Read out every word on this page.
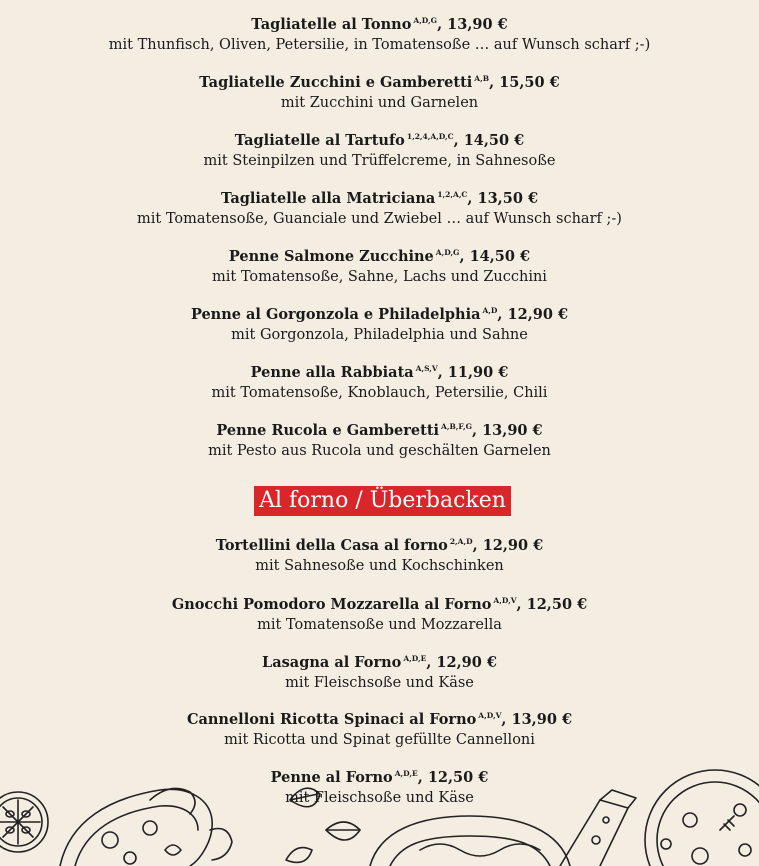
Tagliatelle al Tonno $^{A,D,G}$, 13,90 €
mit Thunfisch, Oliven, Petersilie, in Tomatensoße … auf Wunsch scharf ;-)
Tagliatelle Zucchini e Gamberetti $^{A,B}$, 15,50 €
mit Zucchini und Garnelen
Tagliatelle al Tartufo $^{1,2,4,A,D,C}$, 14,50 €
mit Steinpilzen und Trüffelcreme, in Sahnesoße
Tagliatelle alla Matriciana $^{1,2,A,C}$, 13,50 €
mit Tomatensoße, Guanciale und Zwiebel … auf Wunsch scharf ;-)
Penne Salmone Zucchine $^{A,D,G}$, 14,50 €
mit Tomatensoße, Sahne, Lachs und Zucchini
Penne al Gorgonzola e Philadelphia $^{A,D}$, 12,90 €
mit Gorgonzola, Philadelphia und Sahne
Penne alla Rabbiata $^{A,S,V}$, 11,90 €
mit Tomatensoße, Knoblauch, Petersilie, Chili
Penne Rucola e Gamberetti $^{A,B,F,G}$, 13,90 €
mit Pesto aus Rucola und geschälten Garnelen
Al forno / Überbacken
Tortellini della Casa al forno $^{2,A,D}$, 12,90 €
mit Sahnesoße und Kochschinken
Gnocchi Pomodoro Mozzarella al Forno $^{A,D,V}$, 12,50 €
mit Tomatensoße und Mozzarella
Lasagna al Forno $^{A,D,E}$, 12,90 €
mit Fleischsoße und Käse
Cannelloni Ricotta Spinaci al Forno $^{A,D,V}$, 13,90 €
mit Ricotta und Spinat gefüllte Cannelloni
Penne al Forno $^{A,D,E}$, 12,50 €
mit Fleischsoße und Käse
